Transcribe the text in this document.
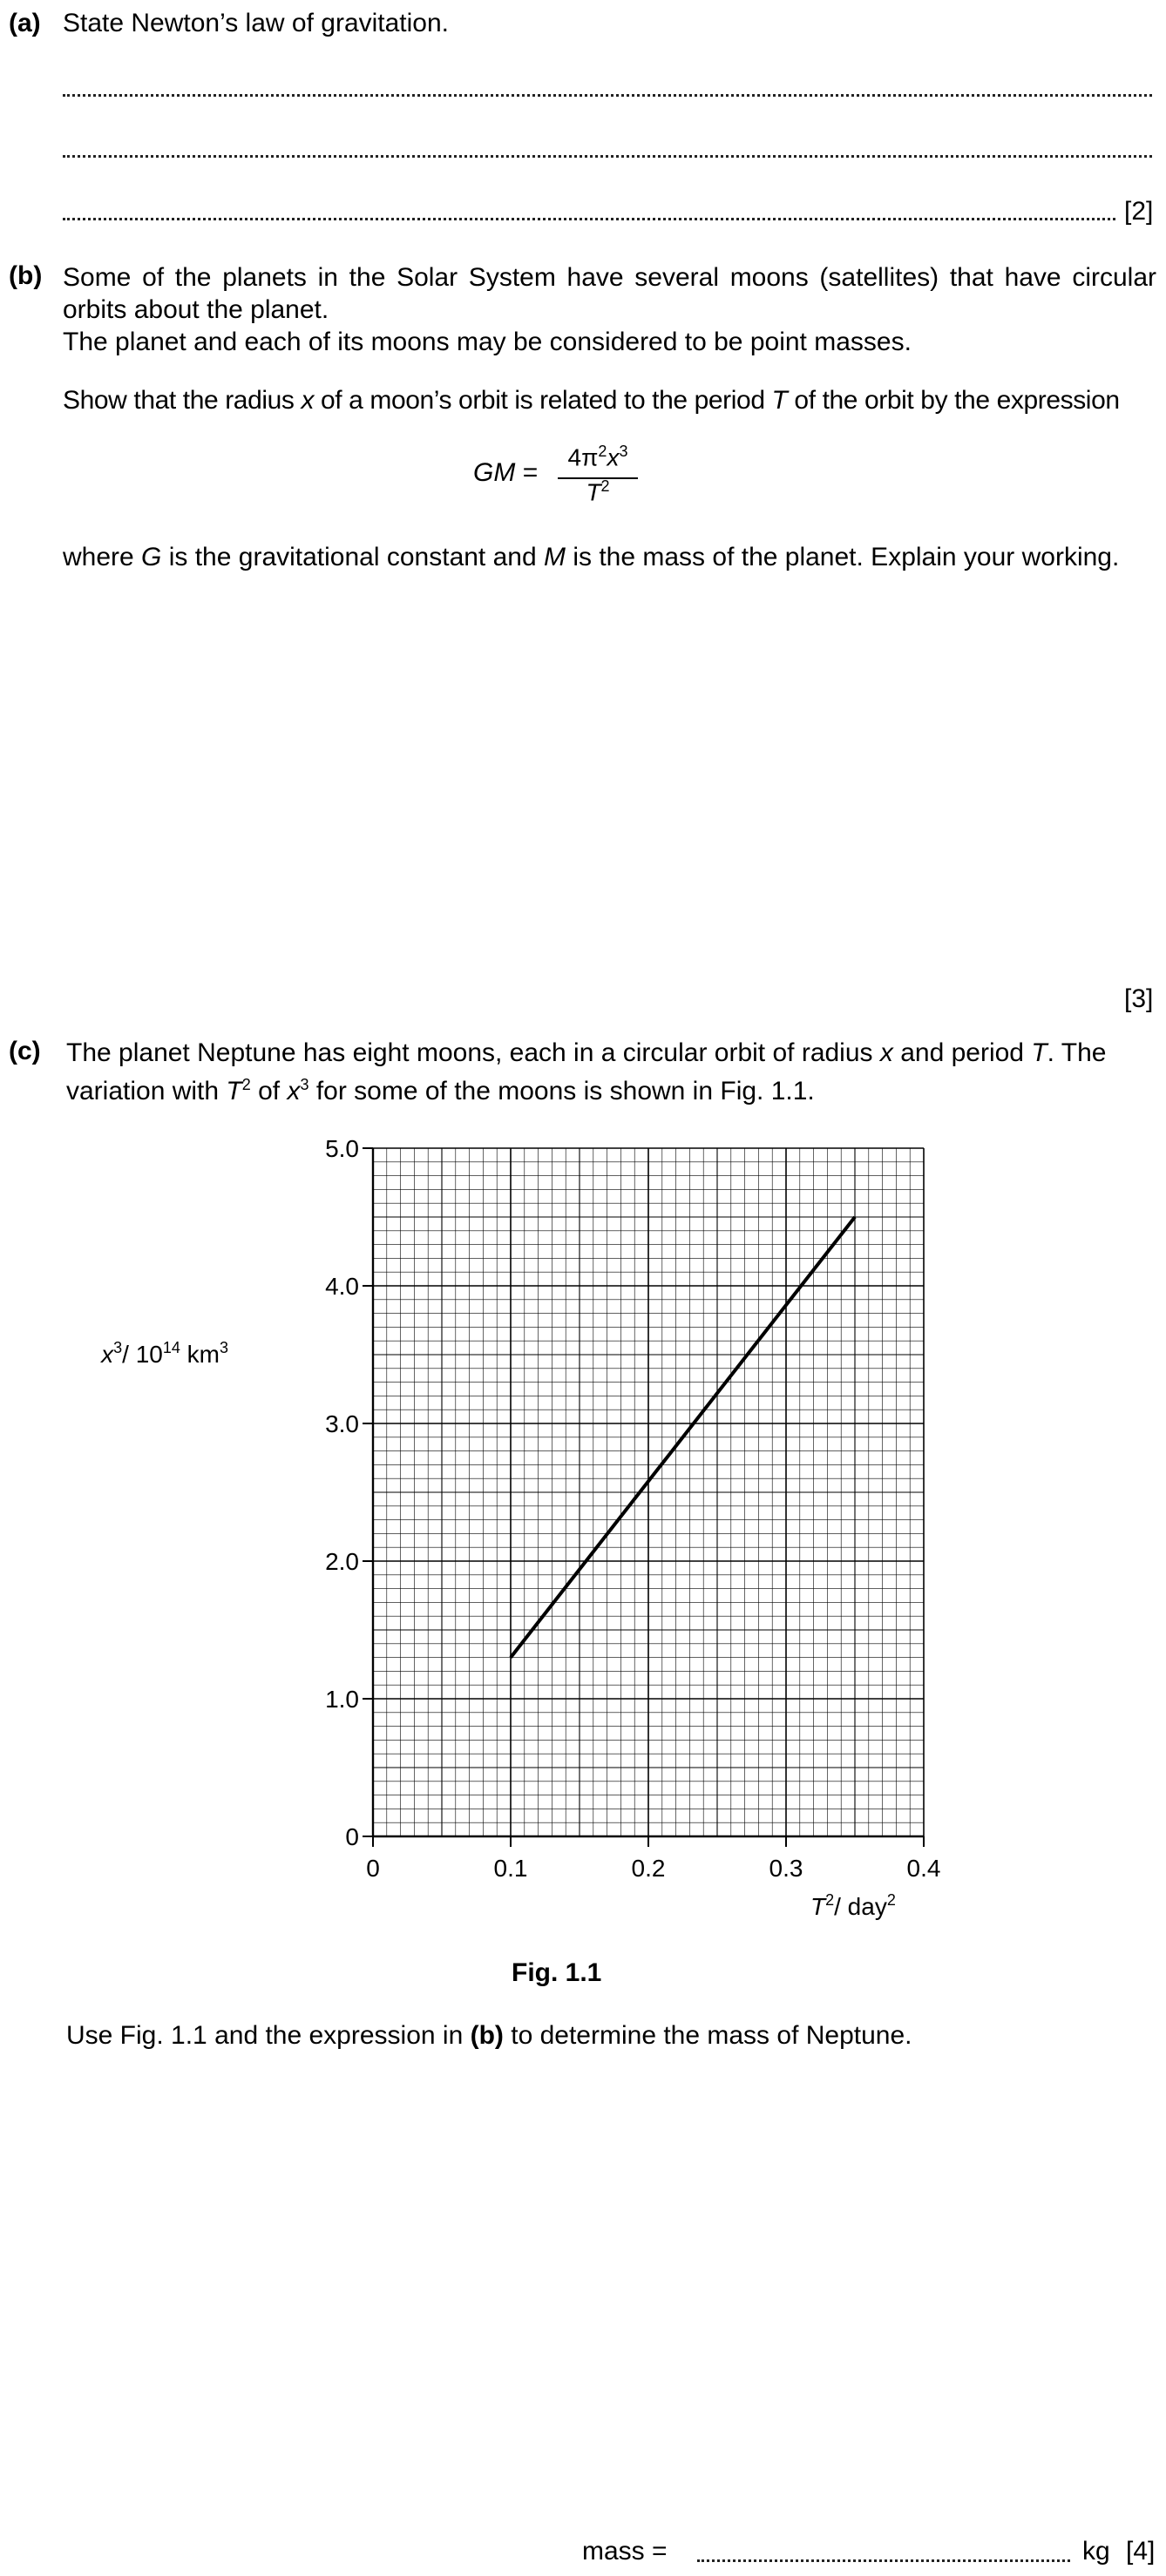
(a) State Newton’s law of gravitation.
[2]
(b) Some of the planets in the Solar System have several moons (satellites) that have circular orbits about the planet.
The planet and each of its moons may be considered to be point masses.
Show that the radius x of a moon’s orbit is related to the period T of the orbit by the expression
GM =
$4\pi^2x^3$
$T^2$
where G is the gravitational constant and M is the mass of the planet. Explain your working.
[3]
(c) The planet Neptune has eight moons, each in a circular orbit of radius x and period T. The
variation with $T^2$ of $x^3$ for some of the moons is shown in Fig. 1.1.
0	0.1	0.2	0.3	0.4
0
1.0
2.0
3.0
4.0
5.0
$x^3/$ $10^{14}$ $km^3$
$T^2/$ day$^2$
Fig. 1.1
Use Fig. 1.1 and the expression in (b) to determine the mass of Neptune.
mass =	kg [4]
